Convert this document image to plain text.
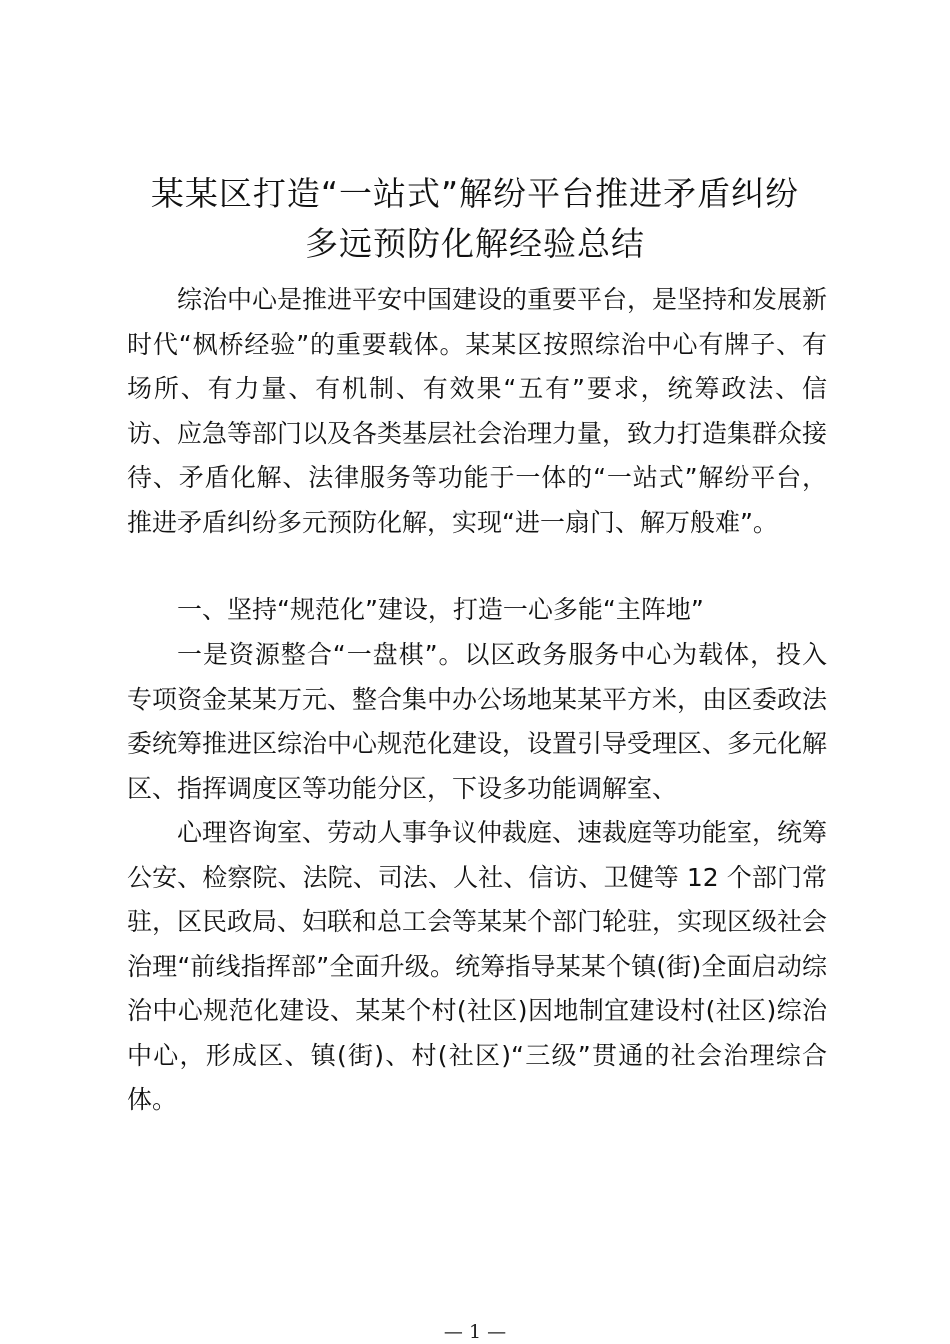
某某区打造“一站式”解纷平台推进矛盾纠纷
多远预防化解经验总结

综治中心是推进平安中国建设的重要平台，是坚持和发展新时代“枫桥经验”的重要载体。某某区按照综治中心有牌子、有场所、有力量、有机制、有效果“五有”要求，统筹政法、信访、应急等部门以及各类基层社会治理力量，致力打造集群众接待、矛盾化解、法律服务等功能于一体的“一站式”解纷平台，推进矛盾纠纷多元预防化解，实现“进一扇门、解万般难”。

一、坚持“规范化”建设，打造一心多能“主阵地”

一是资源整合“一盘棋”。以区政务服务中心为载体，投入专项资金某某万元、整合集中办公场地某某平方米，由区委政法委统筹推进区综治中心规范化建设，设置引导受理区、多元化解区、指挥调度区等功能分区，下设多功能调解室、

心理咨询室、劳动人事争议仲裁庭、速裁庭等功能室，统筹公安、检察院、法院、司法、人社、信访、卫健等 12 个部门常驻，区民政局、妇联和总工会等某某个部门轮驻，实现区级社会治理“前线指挥部”全面升级。统筹指导某某个镇(街)全面启动综治中心规范化建设、某某个村(社区)因地制宜建设村(社区)综治中心，形成区、镇(街)、村(社区)“三级”贯通的社会治理综合体。

— 1 —
